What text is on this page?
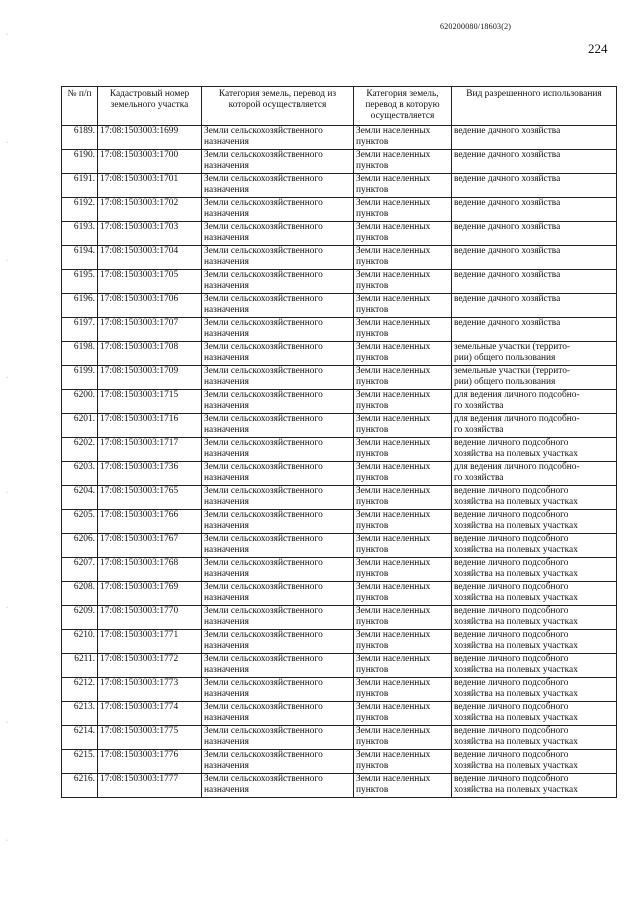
620200080/18603(2)
224
·
·
·
·
·
·
·
·
№ п/п	Кадастровый номер земельного участка	Категория земель, перевод из которой осуществляется	Категория земель, перевод в которую осуществляется	Вид разрешенного использования

6189.	17:08:1503003:1699	Земли сельскохозяйственного
назначения	Земли населенных
пунктов	ведение дачного хозяйства

6190.	17:08:1503003:1700	Земли сельскохозяйственного
назначения	Земли населенных
пунктов	ведение дачного хозяйства

6191.	17:08:1503003:1701	Земли сельскохозяйственного
назначения	Земли населенных
пунктов	ведение дачного хозяйства

6192.	17:08:1503003:1702	Земли сельскохозяйственного
назначения	Земли населенных
пунктов	ведение дачного хозяйства

6193.	17:08:1503003:1703	Земли сельскохозяйственного
назначения	Земли населенных
пунктов	ведение дачного хозяйства

6194.	17:08:1503003:1704	Земли сельскохозяйственного
назначения	Земли населенных
пунктов	ведение дачного хозяйства

6195.	17:08:1503003:1705	Земли сельскохозяйственного
назначения	Земли населенных
пунктов	ведение дачного хозяйства

6196.	17:08:1503003:1706	Земли сельскохозяйственного
назначения	Земли населенных
пунктов	ведение дачного хозяйства

6197.	17:08:1503003:1707	Земли сельскохозяйственного
назначения	Земли населенных
пунктов	ведение дачного хозяйства

6198.	17:08:1503003:1708	Земли сельскохозяйственного
назначения	Земли населенных
пунктов	земельные участки (террито-
рии) общего пользования

6199.	17:08:1503003:1709	Земли сельскохозяйственного
назначения	Земли населенных
пунктов	земельные участки (террито-
рии) общего пользования

6200.	17:08:1503003:1715	Земли сельскохозяйственного
назначения	Земли населенных
пунктов	для ведения личного подсобно-
го хозяйства

6201.	17:08:1503003:1716	Земли сельскохозяйственного
назначения	Земли населенных
пунктов	для ведения личного подсобно-
го хозяйства

6202.	17:08:1503003:1717	Земли сельскохозяйственного
назначения	Земли населенных
пунктов	ведение личного подсобного
хозяйства на полевых участках

6203.	17:08:1503003:1736	Земли сельскохозяйственного
назначения	Земли населенных
пунктов	для ведения личного подсобно-
го хозяйства

6204.	17:08:1503003:1765	Земли сельскохозяйственного
назначения	Земли населенных
пунктов	ведение личного подсобного
хозяйства на полевых участках

6205.	17:08:1503003:1766	Земли сельскохозяйственного
назначения	Земли населенных
пунктов	ведение личного подсобного
хозяйства на полевых участках

6206.	17:08:1503003:1767	Земли сельскохозяйственного
назначения	Земли населенных
пунктов	ведение личного подсобного
хозяйства на полевых участках

6207.	17:08:1503003:1768	Земли сельскохозяйственного
назначения	Земли населенных
пунктов	ведение личного подсобного
хозяйства на полевых участках

6208.	17:08:1503003:1769	Земли сельскохозяйственного
назначения	Земли населенных
пунктов	ведение личного подсобного
хозяйства на полевых участках

6209.	17:08:1503003:1770	Земли сельскохозяйственного
назначения	Земли населенных
пунктов	ведение личного подсобного
хозяйства на полевых участках

6210.	17:08:1503003:1771	Земли сельскохозяйственного
назначения	Земли населенных
пунктов	ведение личного подсобного
хозяйства на полевых участках

6211.	17:08:1503003:1772	Земли сельскохозяйственного
назначения	Земли населенных
пунктов	ведение личного подсобного
хозяйства на полевых участках

6212.	17:08:1503003:1773	Земли сельскохозяйственного
назначения	Земли населенных
пунктов	ведение личного подсобного
хозяйства на полевых участках

6213.	17:08:1503003:1774	Земли сельскохозяйственного
назначения	Земли населенных
пунктов	ведение личного подсобного
хозяйства на полевых участках

6214.	17:08:1503003:1775	Земли сельскохозяйственного
назначения	Земли населенных
пунктов	ведение личного подсобного
хозяйства на полевых участках

6215.	17:08:1503003:1776	Земли сельскохозяйственного
назначения	Земли населенных
пунктов	ведение личного подсобного
хозяйства на полевых участках

6216.	17:08:1503003:1777	Земли сельскохозяйственного
назначения	Земли населенных
пунктов	ведение личного подсобного
хозяйства на полевых участках
